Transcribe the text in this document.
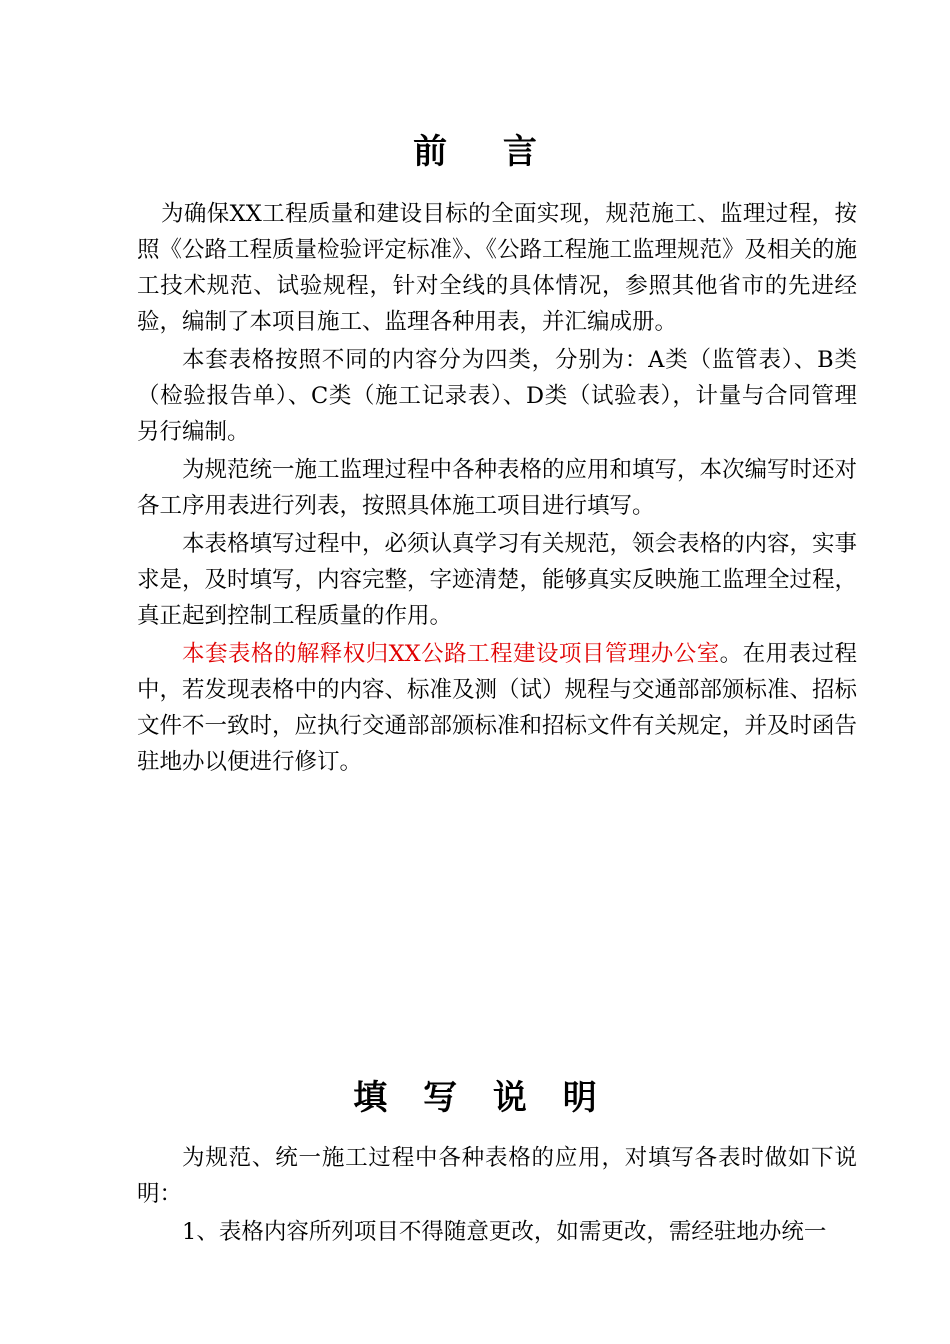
前 言

为确保XX工程质量和建设目标的全面实现，规范施工、监理过程，按照《公路工程质量检验评定标准》、《公路工程施工监理规范》及相关的施工技术规范、试验规程，针对全线的具体情况，参照其他省市的先进经验，编制了本项目施工、监理各种用表，并汇编成册。

本套表格按照不同的内容分为四类，分别为：A类（监管表）、B类（检验报告单）、C类（施工记录表）、D类（试验表），计量与合同管理另行编制。

为规范统一施工监理过程中各种表格的应用和填写，本次编写时还对各工序用表进行列表，按照具体施工项目进行填写。

本表格填写过程中，必须认真学习有关规范，领会表格的内容，实事求是，及时填写，内容完整，字迹清楚，能够真实反映施工监理全过程，真正起到控制工程质量的作用。

本套表格的解释权归XX公路工程建设项目管理办公室。在用表过程中，若发现表格中的内容、标准及测（试）规程与交通部部颁标准、招标文件不一致时，应执行交通部部颁标准和招标文件有关规定，并及时函告驻地办以便进行修订。

填 写 说 明

为规范、统一施工过程中各种表格的应用，对填写各表时做如下说明：

1、表格内容所列项目不得随意更改，如需更改，需经驻地办统一
